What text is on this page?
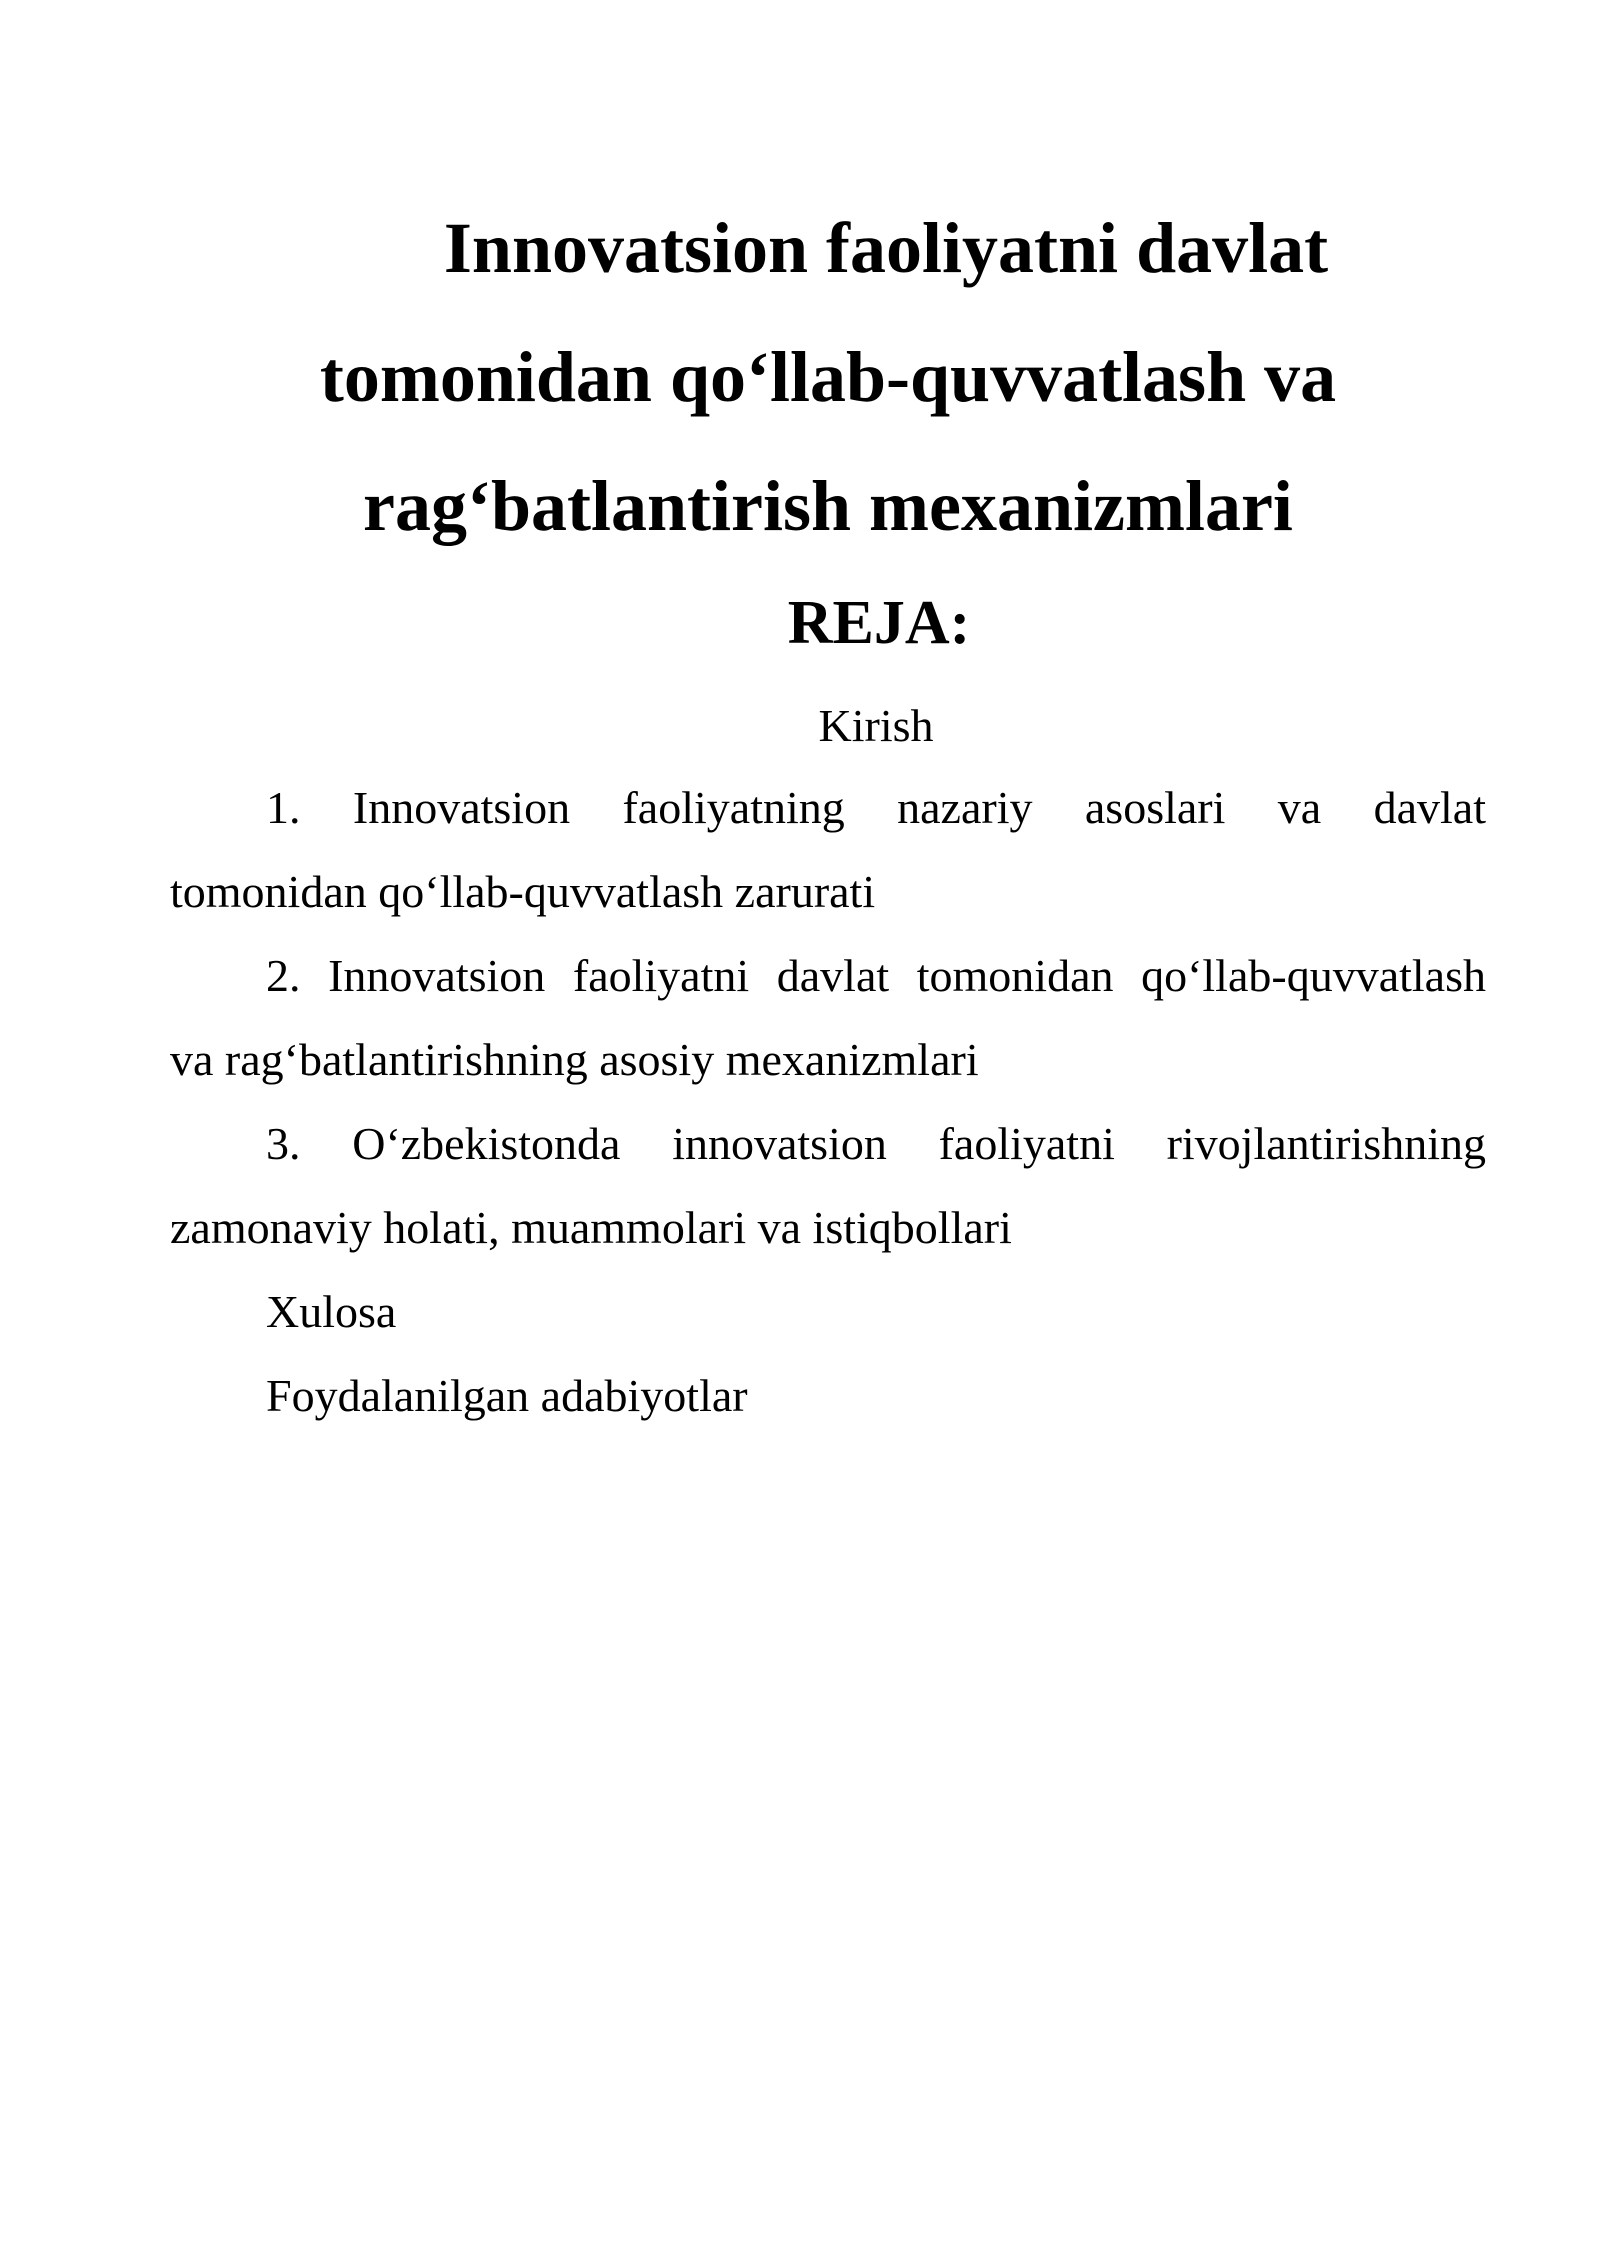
Innovatsion faoliyatni davlat
tomonidan qo‘llab-quvvatlash va
rag‘batlantirish mexanizmlari
REJA:
Kirish

1. Innovatsion faoliyatning nazariy asoslari va davlat
tomonidan qo‘llab-quvvatlash zarurati

2. Innovatsion faoliyatni davlat tomonidan qo‘llab-quvvatlash
va rag‘batlantirishning asosiy mexanizmlari

3. O‘zbekistonda innovatsion faoliyatni rivojlantirishning
zamonaviy holati, muammolari va istiqbollari

Xulosa

Foydalanilgan adabiyotlar
